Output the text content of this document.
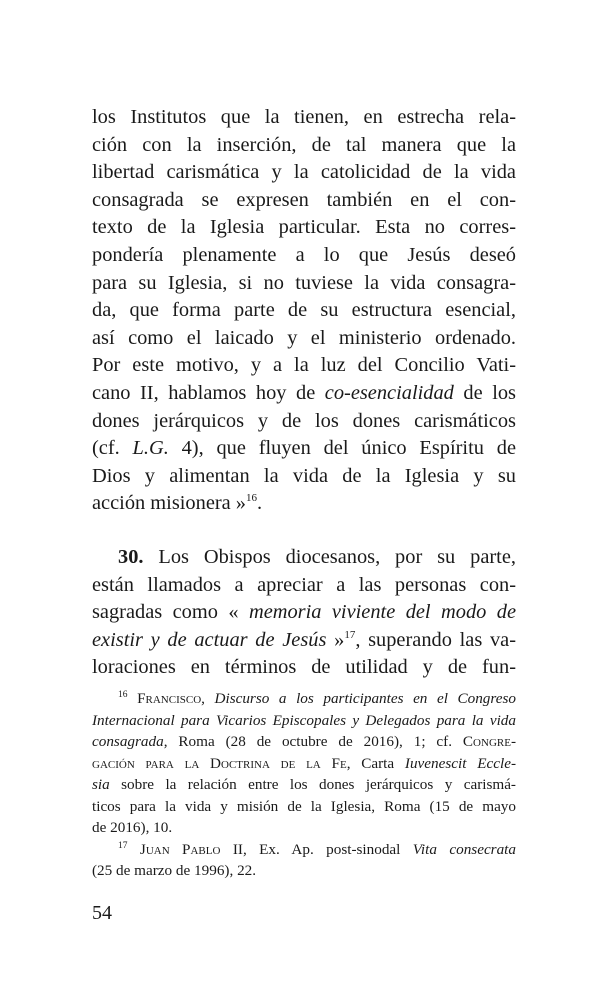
los Institutos que la tienen, en estrecha rela-
ción con la inserción, de tal manera que la
libertad carismática y la catolicidad de la vida
consagrada se expresen también en el con-
texto de la Iglesia particular. Esta no corres-
pondería plenamente a lo que Jesús deseó
para su Iglesia, si no tuviese la vida consagra-
da, que forma parte de su estructura esencial,
así como el laicado y el ministerio ordenado.
Por este motivo, y a la luz del Concilio Vati-
cano II, hablamos hoy de co-esencialidad de los
dones jerárquicos y de los dones carismáticos
(cf. L.G. 4), que fluyen del único Espíritu de
Dios y alimentan la vida de la Iglesia y su
acción misionera »$^{16}$.
30. Los Obispos diocesanos, por su parte,
están llamados a apreciar a las personas con-
sagradas como « memoria viviente del modo de
existir y de actuar de Jesús »$^{17}$, superando las va-
loraciones en términos de utilidad y de fun-
$^{16}$ Francisco, Discurso a los participantes en el Congreso
Internacional para Vicarios Episcopales y Delegados para la vida
consagrada, Roma (28 de octubre de 2016), 1; cf. Congre-
gación para la Doctrina de la Fe, Carta Iuvenescit Eccle-
sia sobre la relación entre los dones jerárquicos y carismá-
ticos para la vida y misión de la Iglesia, Roma (15 de mayo
de 2016), 10.
$^{17}$ Juan Pablo II, Ex. Ap. post-sinodal Vita consecrata
(25 de marzo de 1996), 22.
54
